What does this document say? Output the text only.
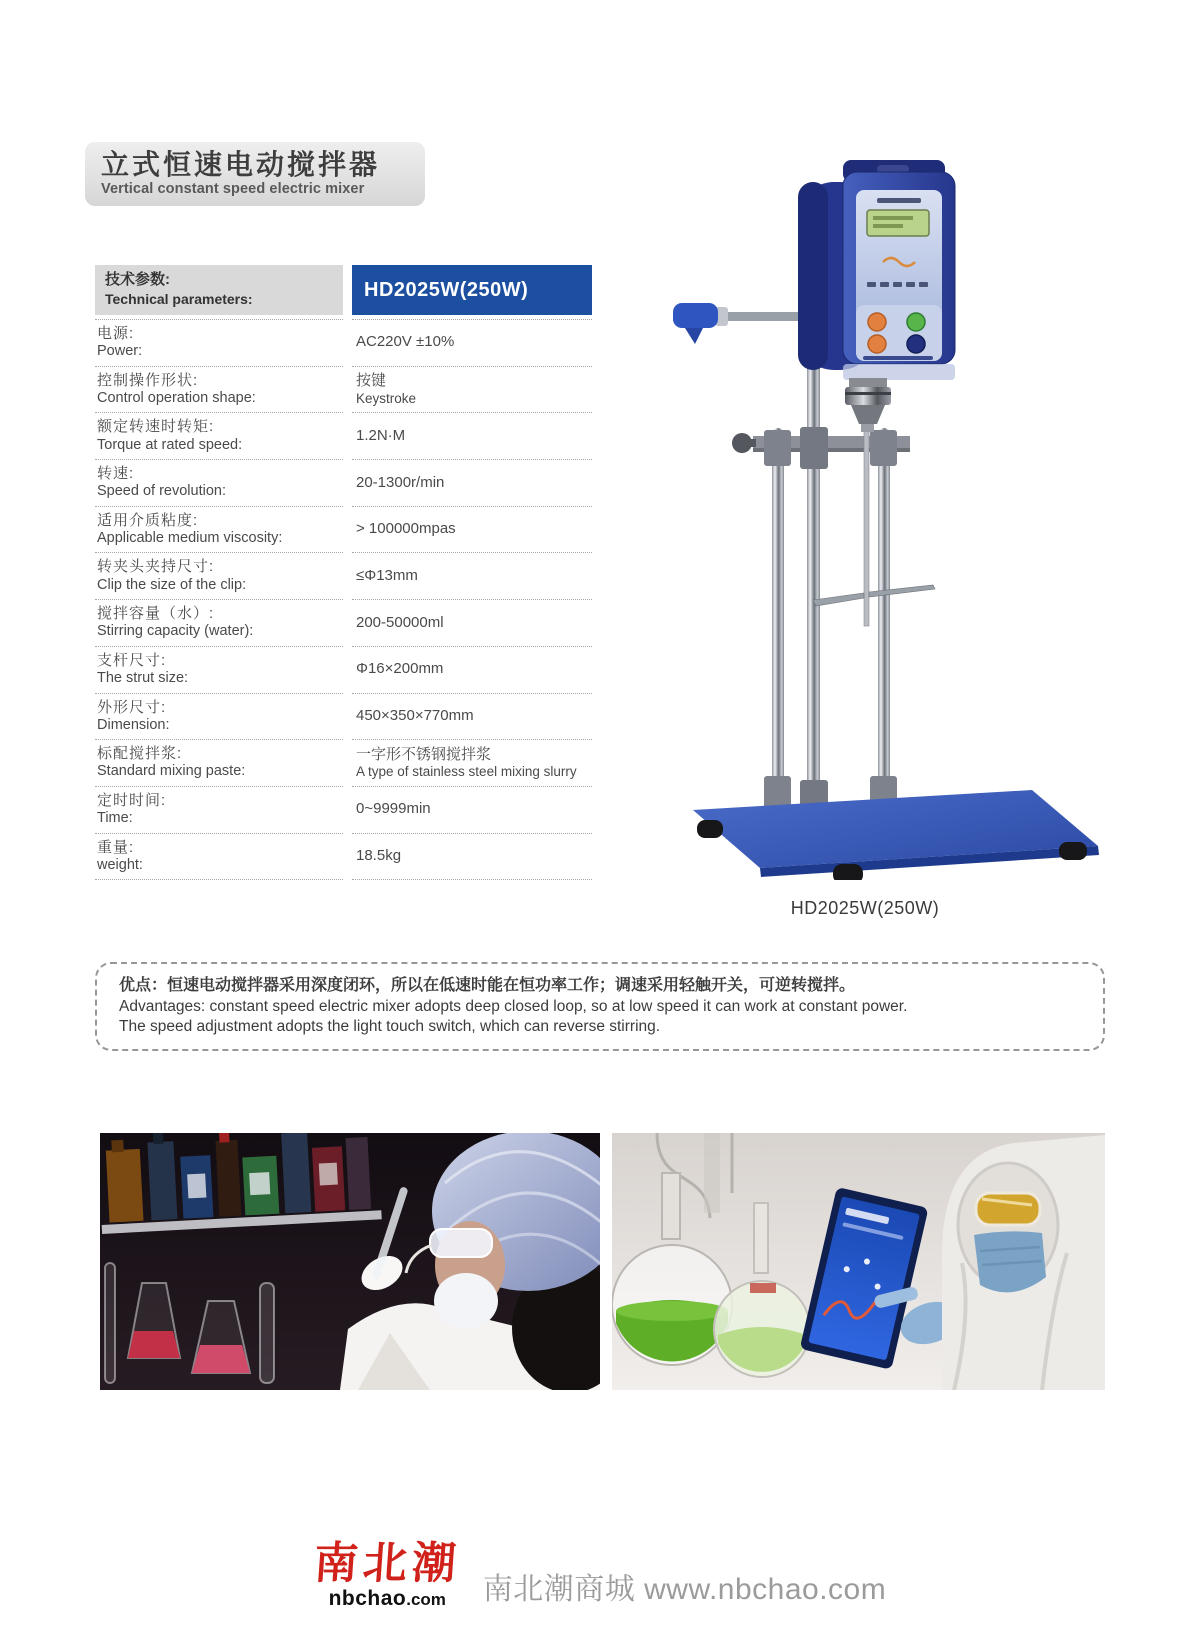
立式恒速电动搅拌器
Vertical constant speed electric mixer
技术参数:
Technical parameters:	HD2025W(250W)
电源:
Power:
AC220V ±10%
控制操作形状:
Control operation shape:
按键
Keystroke
额定转速时转矩:
Torque at rated speed:
1.2N·M
转速:
Speed of revolution:
20-1300r/min
适用介质粘度:
Applicable medium viscosity:
> 100000mpas
转夹头夹持尺寸:
Clip the size of the clip:
≤Φ13mm
搅拌容量（水）:
Stirring capacity (water):
200-50000ml
支杆尺寸:
The strut size:
Φ16×200mm
外形尺寸:
Dimension:
450×350×770mm
标配搅拌浆:
Standard mixing paste:
一字形不锈钢搅拌浆
A type of stainless steel mixing slurry
定时时间:
Time:
0~9999min
重量:
weight:
18.5kg
HD2025W(250W)
优点：恒速电动搅拌器采用深度闭环，所以在低速时能在恒功率工作；调速采用轻触开关，可逆转搅拌。
Advantages: constant speed electric mixer adopts deep closed loop, so at low speed it can work at constant power.
The speed adjustment adopts the light touch switch, which can reverse stirring.
南北潮
nbchao.com 南北潮商城 www.nbchao.com
